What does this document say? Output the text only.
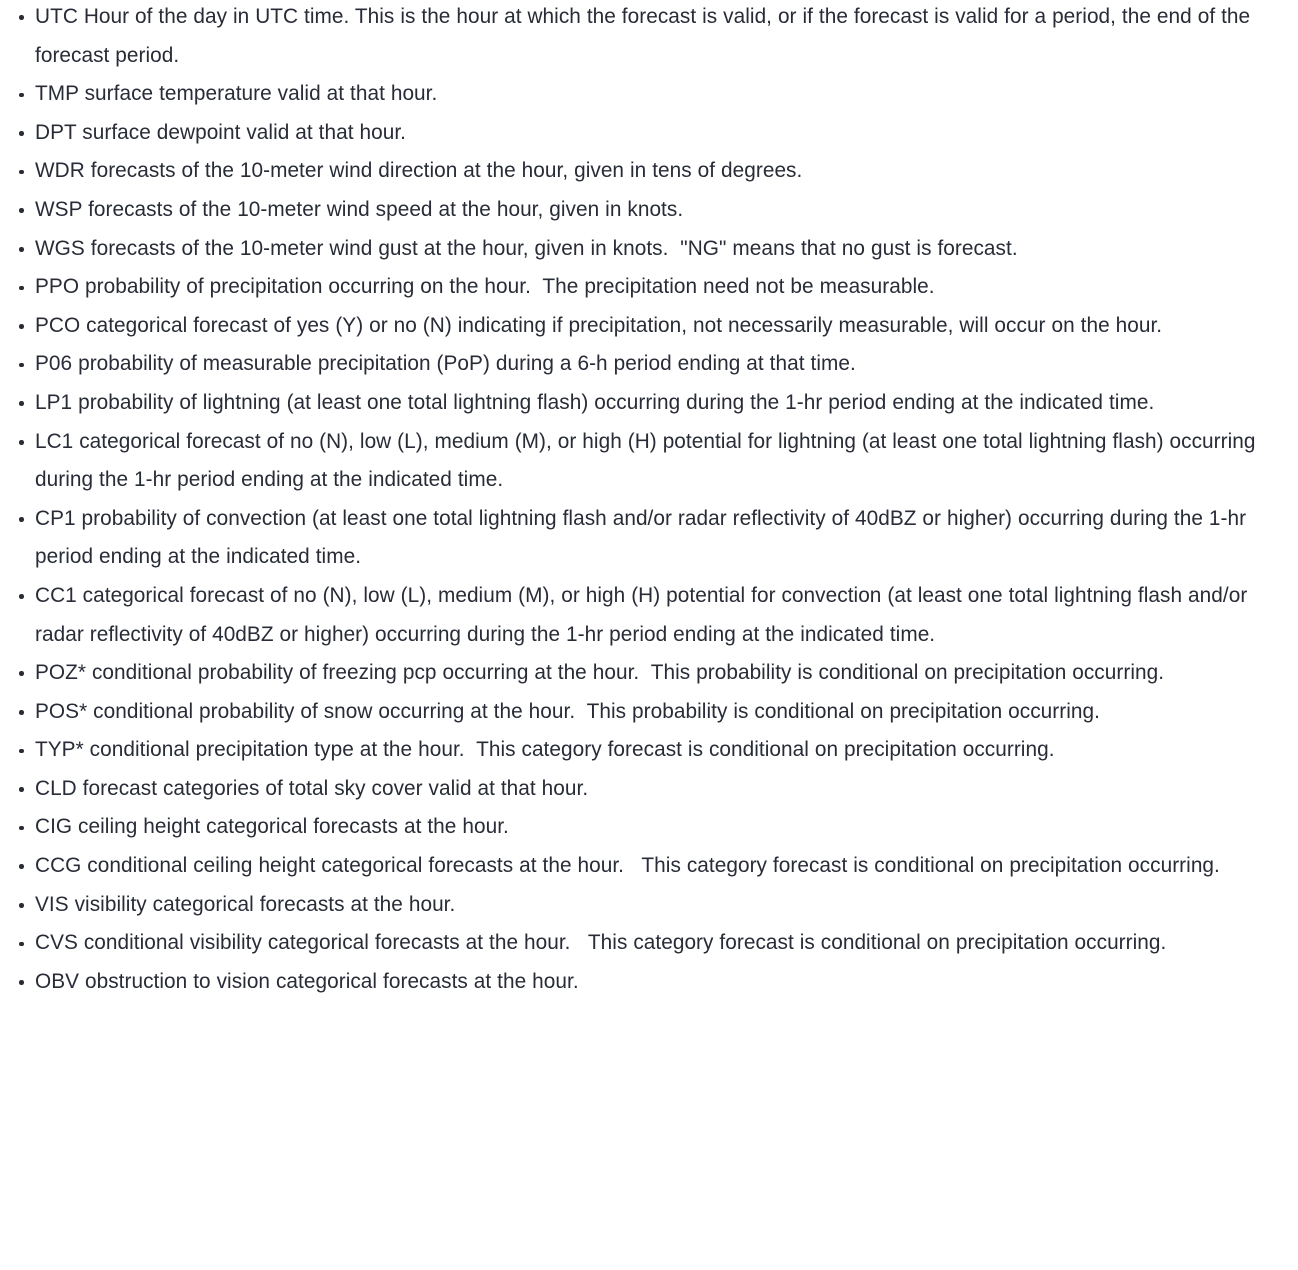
UTC Hour of the day in UTC time. This is the hour at which the forecast is valid, or if the forecast is valid for a period, the end of the forecast period.
TMP surface temperature valid at that hour.
DPT surface dewpoint valid at that hour.
WDR forecasts of the 10-meter wind direction at the hour, given in tens of degrees.
WSP forecasts of the 10-meter wind speed at the hour, given in knots.
WGS forecasts of the 10-meter wind gust at the hour, given in knots.  "NG" means that no gust is forecast.
PPO probability of precipitation occurring on the hour.  The precipitation need not be measurable.
PCO categorical forecast of yes (Y) or no (N) indicating if precipitation, not necessarily measurable, will occur on the hour.
P06 probability of measurable precipitation (PoP) during a 6-h period ending at that time.
LP1 probability of lightning (at least one total lightning flash) occurring during the 1-hr period ending at the indicated time.
LC1 categorical forecast of no (N), low (L), medium (M), or high (H) potential for lightning (at least one total lightning flash) occurring during the 1-hr period ending at the indicated time.
CP1 probability of convection (at least one total lightning flash and/or radar reflectivity of 40dBZ or higher) occurring during the 1-hr period ending at the indicated time.
CC1 categorical forecast of no (N), low (L), medium (M), or high (H) potential for convection (at least one total lightning flash and/or radar reflectivity of 40dBZ or higher) occurring during the 1-hr period ending at the indicated time.
POZ* conditional probability of freezing pcp occurring at the hour.  This probability is conditional on precipitation occurring.
POS* conditional probability of snow occurring at the hour.  This probability is conditional on precipitation occurring.
TYP* conditional precipitation type at the hour.  This category forecast is conditional on precipitation occurring.
CLD forecast categories of total sky cover valid at that hour.
CIG ceiling height categorical forecasts at the hour.
CCG conditional ceiling height categorical forecasts at the hour.   This category forecast is conditional on precipitation occurring.
VIS visibility categorical forecasts at the hour.
CVS conditional visibility categorical forecasts at the hour.   This category forecast is conditional on precipitation occurring.
OBV obstruction to vision categorical forecasts at the hour.
